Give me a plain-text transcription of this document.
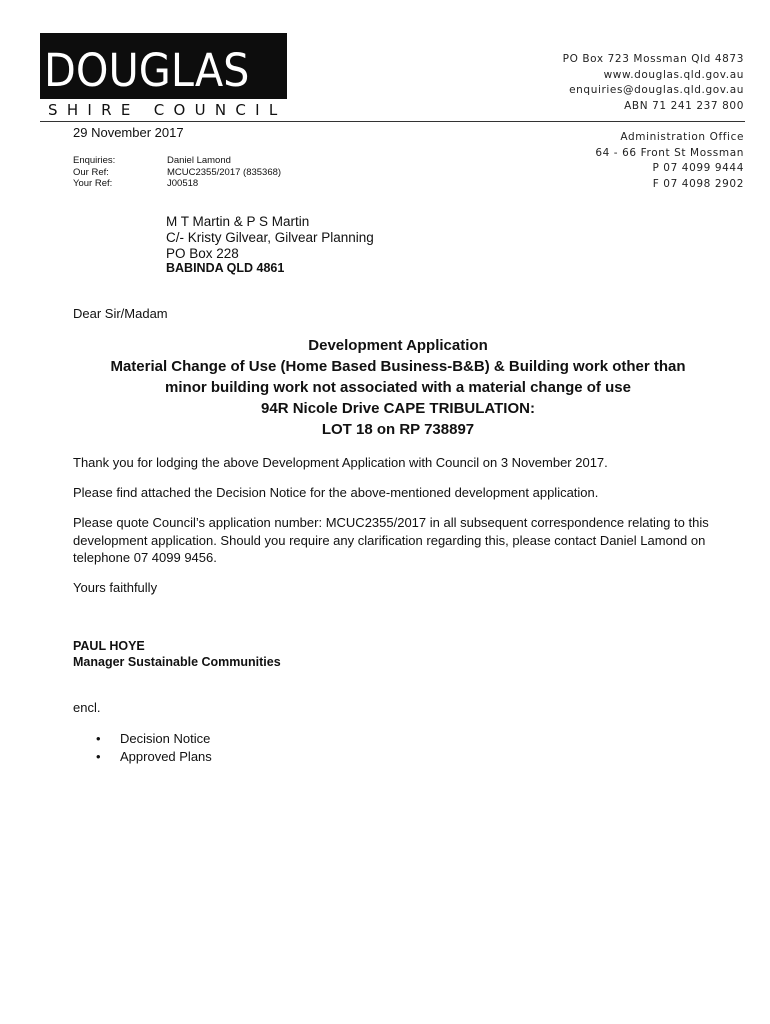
DOUGLAS
SHIRE COUNCIL
PO Box 723 Mossman Qld 4873
www.douglas.qld.gov.au
enquiries@douglas.qld.gov.au
ABN 71 241 237 800
Administration Office
64 - 66 Front St Mossman
P 07 4099 9444
F 07 4098 2902
29 November 2017
Enquiries:	Daniel Lamond
Our Ref:	MCUC2355/2017 (835368)
Your Ref:	J00518
M T Martin & P S Martin
C/- Kristy Gilvear, Gilvear Planning
PO Box 228
BABINDA QLD 4861
Dear Sir/Madam
Development Application
Material Change of Use (Home Based Business-B&B) & Building work other than
minor building work not associated with a material change of use
94R Nicole Drive CAPE TRIBULATION:
LOT 18 on RP 738897
Thank you for lodging the above Development Application with Council on 3 November 2017.
Please find attached the Decision Notice for the above-mentioned development application.
Please quote Council’s application number: MCUC2355/2017 in all subsequent correspondence relating to this development application. Should you require any clarification regarding this, please contact Daniel Lamond on telephone 07 4099 9456.
Yours faithfully
PAUL HOYE
Manager Sustainable Communities
encl.
•	Decision Notice
•	Approved Plans
